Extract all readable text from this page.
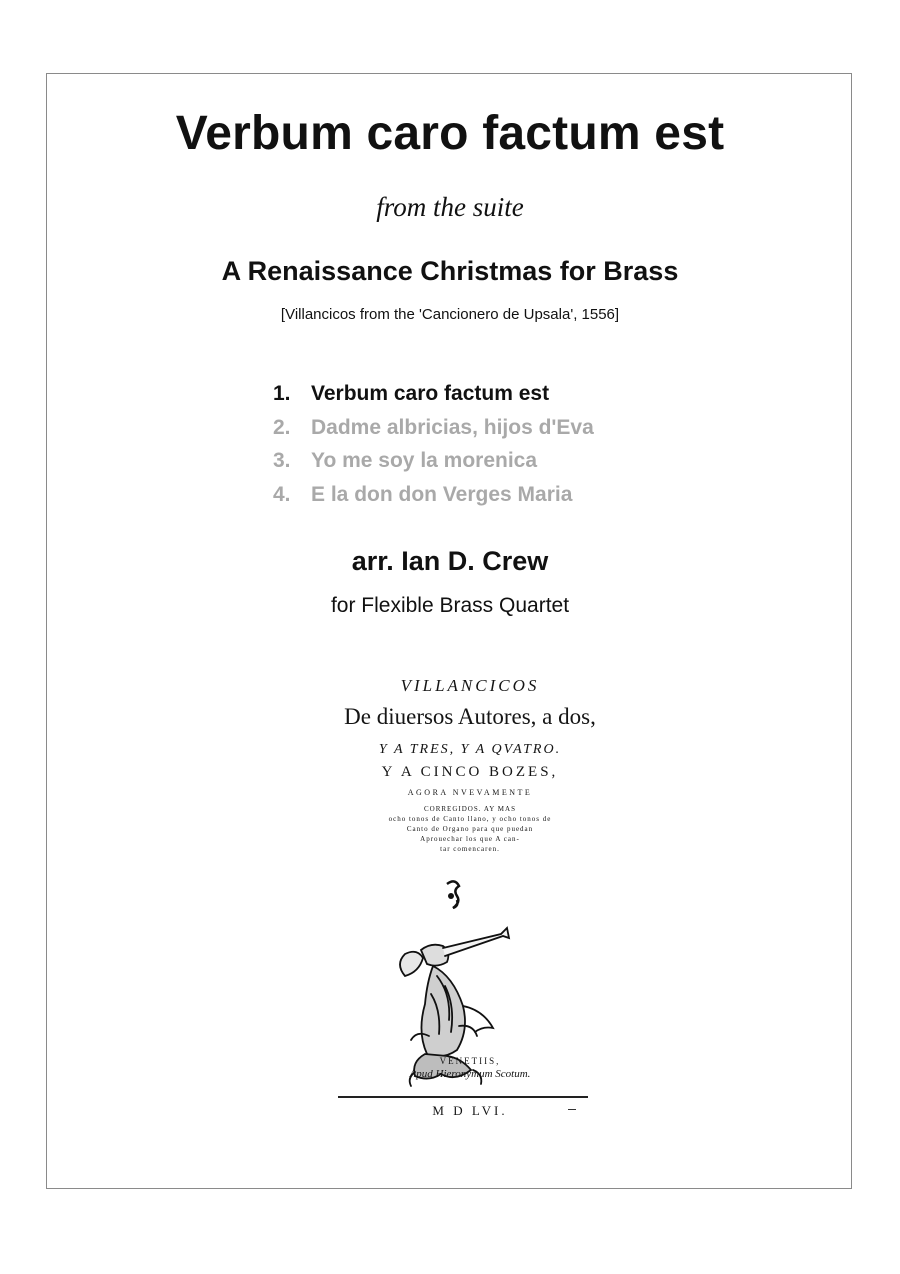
Verbum caro factum est
from the suite
A Renaissance Christmas for Brass
[Villancicos from the 'Cancionero de Upsala', 1556]
1. Verbum caro factum est
2. Dadme albricias, hijos d'Eva
3. Yo me soy la morenica
4. E la don don Verges Maria
arr. Ian D. Crew
for Flexible Brass Quartet
VILLANCICOS
De diuersos Autores, a dos,
Y A TRES, Y A QVATRO.
Y A CINCO BOZES,
AGORA NVEVAMENTE
CORREGIDOS. AY MAS
ocho tonos de Canto llano, y ocho tonos de
Canto de Organo para que puedan
Aprouechar los que A can-
tar comencaren.
VENETIIS,
Apud Hieronymum Scotum.
M D LVI.
